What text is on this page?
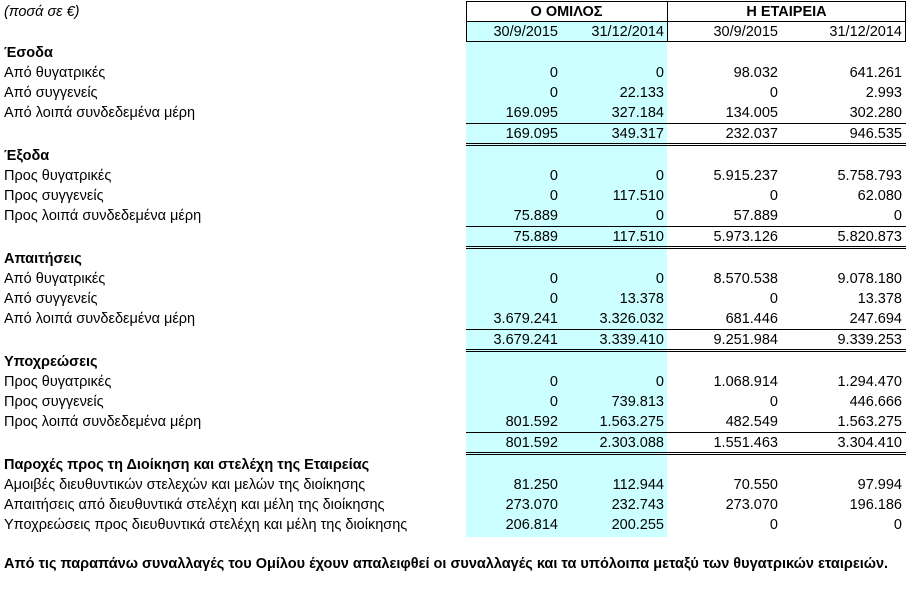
(ποσά σε €)	Ο ΟΜΙΛΟΣ	Η ΕΤΑΙΡΕΙΑ
30/9/2015	31/12/2014	30/9/2015	31/12/2014
Έσοδα
Από θυγατρικές	0	0	98.032	641.261
Από συγγενείς	0	22.133	0	2.993
Από λοιπά συνδεδεμένα μέρη	169.095	327.184	134.005	302.280
169.095	349.317	232.037	946.535
Έξοδα
Προς θυγατρικές	0	0	5.915.237	5.758.793
Προς συγγενείς	0	117.510	0	62.080
Προς λοιπά συνδεδεμένα μέρη	75.889	0	57.889	0
75.889	117.510	5.973.126	5.820.873
Απαιτήσεις
Από θυγατρικές	0	0	8.570.538	9.078.180
Από συγγενείς	0	13.378	0	13.378
Από λοιπά συνδεδεμένα μέρη	3.679.241	3.326.032	681.446	247.694
3.679.241	3.339.410	9.251.984	9.339.253
Υποχρεώσεις
Προς θυγατρικές	0	0	1.068.914	1.294.470
Προς συγγενείς	0	739.813	0	446.666
Προς λοιπά συνδεδεμένα μέρη	801.592	1.563.275	482.549	1.563.275
801.592	2.303.088	1.551.463	3.304.410
Παροχές προς τη Διοίκηση και στελέχη της Εταιρείας
Αμοιβές διευθυντικών στελεχών και μελών της διοίκησης	81.250	112.944	70.550	97.994
Απαιτήσεις από διευθυντικά στελέχη και μέλη της διοίκησης	273.070	232.743	273.070	196.186
Υποχρεώσεις προς διευθυντικά στελέχη και μέλη της διοίκησης	206.814	200.255	0	0
Από τις παραπάνω συναλλαγές του Ομίλου έχουν απαλειφθεί οι συναλλαγές και τα υπόλοιπα μεταξύ των θυγατρικών εταιρειών.
